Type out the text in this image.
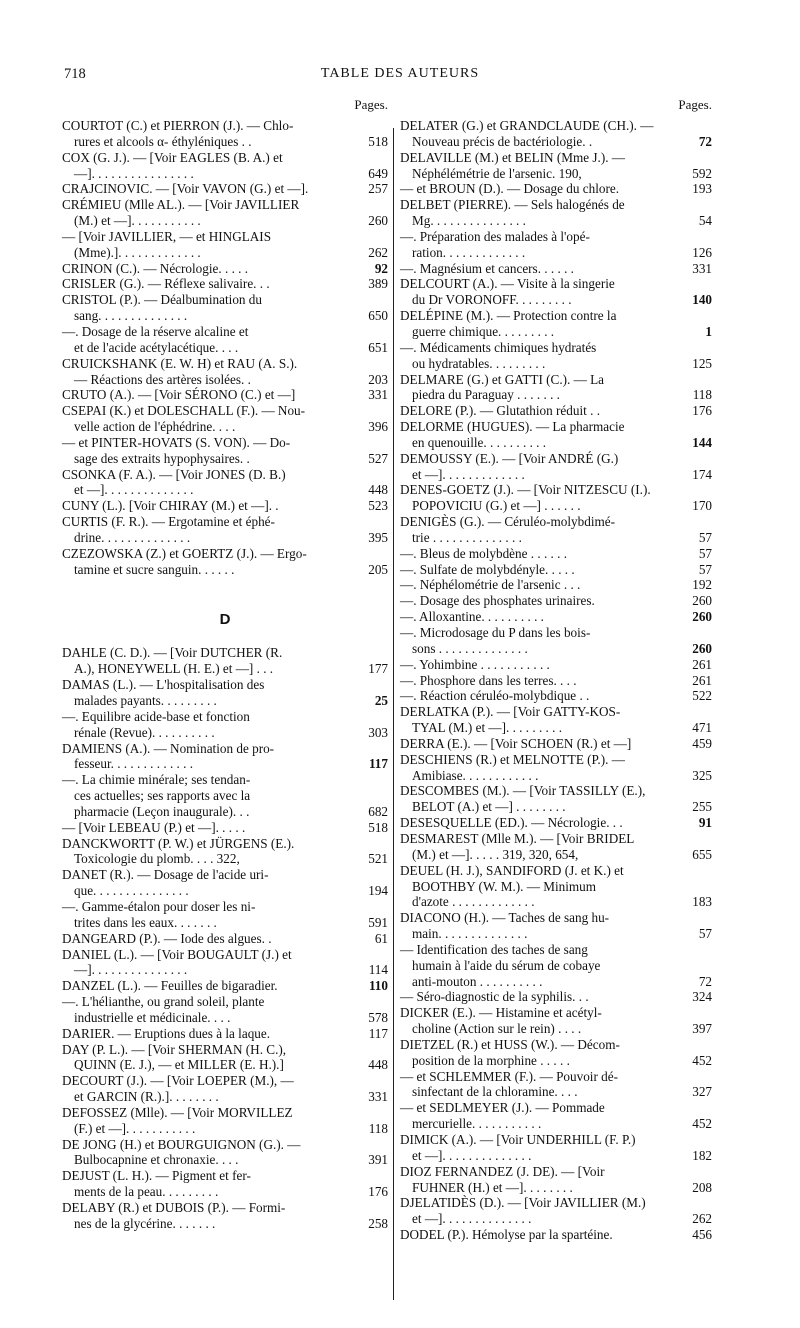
718	TABLE DES AUTEURS
Pages.
COURTOT (C.) et PIERRON (J.). — Chlo-
rures et alcools α- éthyléniques . .	518
COX (G. J.). — [Voir EAGLES (B. A.) et
—]. . . . . . . . . . . . . . . .	649
CRAJCINOVIC. — [Voir VAVON (G.) et —].	257
CRÉMIEU (Mlle AL.). — [Voir JAVILLIER
(M.) et —]. . . . . . . . . . .	260
— [Voir JAVILLIER, — et HINGLAIS
(Mme).]. . . . . . . . . . . . .	262
CRINON (C.). — Nécrologie. . . . .	92
CRISLER (G.). — Réflexe salivaire. . .	389
CRISTOL (P.). — Déalbumination du
sang. . . . . . . . . . . . . .	650
—. Dosage de la réserve alcaline et
et de l'acide acétylacétique. . . .	651
CRUICKSHANK (E. W. H) et RAU (A. S.).
— Réactions des artères isolées. .	203
CRUTO (A.). — [Voir SÉRONO (C.) et —]	331
CSEPAI (K.) et DOLESCHALL (F.). — Nou-
velle action de l'éphédrine. . . .	396
— et PINTER-HOVATS (S. VON). — Do-
sage des extraits hypophysaires. .	527
CSONKA (F. A.). — [Voir JONES (D. B.)
et —]. . . . . . . . . . . . . .	448
CUNY (L.). [Voir CHIRAY (M.) et —]. .	523
CURTIS (F. R.). — Ergotamine et éphé-
drine. . . . . . . . . . . . . .	395
CZEZOWSKA (Z.) et GOERTZ (J.). — Ergo-
tamine et sucre sanguin. . . . . .	205
D
DAHLE (C. D.). — [Voir DUTCHER (R.
A.), HONEYWELL (H. E.) et —] . . .	177
DAMAS (L.). — L'hospitalisation des
malades payants. . . . . . . . .	25
—. Equilibre acide-base et fonction
rénale (Revue). . . . . . . . . .	303
DAMIENS (A.). — Nomination de pro-
fesseur. . . . . . . . . . . . .	117
—. La chimie minérale; ses tendan-
ces actuelles; ses rapports avec la
pharmacie (Leçon inaugurale). . .	682
— [Voir LEBEAU (P.) et —]. . . . .	518
DANCKWORTT (P. W.) et JÜRGENS (E.).
Toxicologie du plomb. . . . 322,	521
DANET (R.). — Dosage de l'acide uri-
que. . . . . . . . . . . . . . .	194
—. Gamme-étalon pour doser les ni-
trites dans les eaux. . . . . . .	591
DANGEARD (P.). — Iode des algues. .	61
DANIEL (L.). — [Voir BOUGAULT (J.) et
—]. . . . . . . . . . . . . . .	114
DANZEL (L.). — Feuilles de bigaradier.	110
—. L'hélianthe, ou grand soleil, plante
industrielle et médicinale. . . .	578
DARIER. — Eruptions dues à la laque.	117
DAY (P. L.). — [Voir SHERMAN (H. C.),
QUINN (E. J.), — et MILLER (E. H.).]	448
DECOURT (J.). — [Voir LOEPER (M.), —
et GARCIN (R.).]. . . . . . . .	331
DEFOSSEZ (Mlle). — [Voir MORVILLEZ
(F.) et —]. . . . . . . . . . .	118
DE JONG (H.) et BOURGUIGNON (G.). —
Bulbocapnine et chronaxie. . . .	391
DEJUST (L. H.). — Pigment et fer-
ments de la peau. . . . . . . . .	176
DELABY (R.) et DUBOIS (P.). — Formi-
nes de la glycérine. . . . . . .	258
Pages.
DELATER (G.) et GRANDCLAUDE (CH.). —
Nouveau précis de bactériologie. .	72
DELAVILLE (M.) et BELIN (Mme J.). —
Néphélémétrie de l'arsenic. 190,	592
— et BROUN (D.). — Dosage du chlore.	193
DELBET (PIERRE). — Sels halogénés de
Mg. . . . . . . . . . . . . . .	54
—. Préparation des malades à l'opé-
ration. . . . . . . . . . . . .	126
—. Magnésium et cancers. . . . . .	331
DELCOURT (A.). — Visite à la singerie
du Dr VORONOFF. . . . . . . . .	140
DELÉPINE (M.). — Protection contre la
guerre chimique. . . . . . . . .	1
—. Médicaments chimiques hydratés
ou hydratables. . . . . . . . .	125
DELMARE (G.) et GATTI (C.). — La
piedra du Paraguay . . . . . . .	118
DELORE (P.). — Glutathion réduit . .	176
DELORME (HUGUES). — La pharmacie
en quenouille. . . . . . . . . .	144
DEMOUSSY (E.). — [Voir ANDRÉ (G.)
et —]. . . . . . . . . . . . .	174
DENES-GOETZ (J.). — [Voir NITZESCU (I.).
POPOVICIU (G.) et —] . . . . . .	170
DENIGÈS (G.). — Céruléo-molybdimé-
trie . . . . . . . . . . . . . .	57
—. Bleus de molybdène . . . . . .	57
—. Sulfate de molybdényle. . . . .	57
—. Néphélométrie de l'arsenic . . .	192
—. Dosage des phosphates urinaires.	260
—. Alloxantine. . . . . . . . . .	260
—. Microdosage du P dans les bois-
sons . . . . . . . . . . . . . .	260
—. Yohimbine . . . . . . . . . . .	261
—. Phosphore dans les terres. . . .	261
—. Réaction céruléo-molybdique . .	522
DERLATKA (P.). — [Voir GATTY-KOS-
TYAL (M.) et —]. . . . . . . . .	471
DERRA (E.). — [Voir SCHOEN (R.) et —]	459
DESCHIENS (R.) et MELNOTTE (P.). —
Amibiase. . . . . . . . . . . .	325
DESCOMBES (M.). — [Voir TASSILLY (E.),
BELOT (A.) et —] . . . . . . . .	255
DESESQUELLE (ED.). — Nécrologie. . .	91
DESMAREST (Mlle M.). — [Voir BRIDEL
(M.) et —]. . . . . 319, 320, 654,	655
DEUEL (H. J.), SANDIFORD (J. et K.) et
BOOTHBY (W. M.). — Minimum
d'azote . . . . . . . . . . . . .	183
DIACONO (H.). — Taches de sang hu-
main. . . . . . . . . . . . . .	57
— Identification des taches de sang
humain à l'aide du sérum de cobaye
anti-mouton . . . . . . . . . .	72
— Séro-diagnostic de la syphilis. . .	324
DICKER (E.). — Histamine et acétyl-
choline (Action sur le rein) . . . .	397
DIETZEL (R.) et HUSS (W.). — Décom-
position de la morphine . . . . .	452
— et SCHLEMMER (F.). — Pouvoir dé-
sinfectant de la chloramine. . . .	327
— et SEDLMEYER (J.). — Pommade
mercurielle. . . . . . . . . . .	452
DIMICK (A.). — [Voir UNDERHILL (F. P.)
et —]. . . . . . . . . . . . . .	182
DIOZ FERNANDEZ (J. DE). — [Voir
FUHNER (H.) et —]. . . . . . . .	208
DJELATIDÈS (D.). — [Voir JAVILLIER (M.)
et —]. . . . . . . . . . . . . .	262
DODEL (P.). Hémolyse par la spartéine.	456
